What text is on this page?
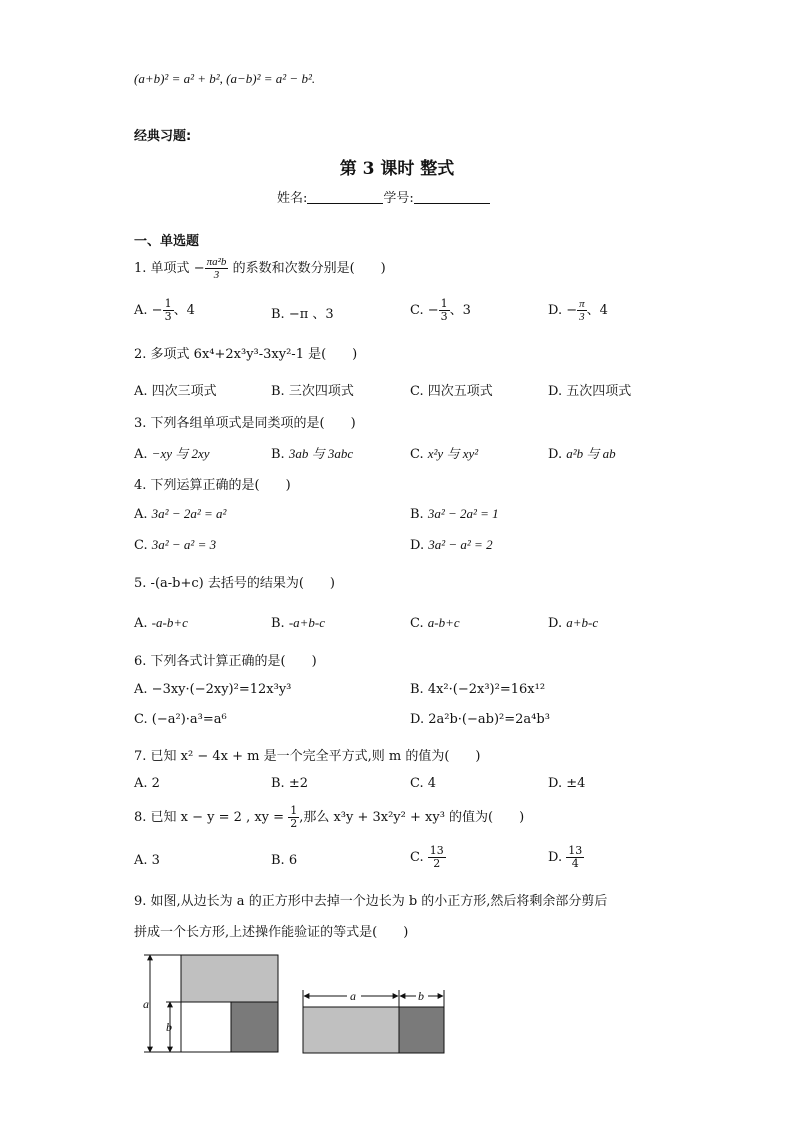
(a+b)² = a² + b², (a−b)² = a² − b².
经典习题:
第 3 课时 整式
姓名:	学号:
一、单选题
1. 单项式 − $\frac{\text{πa²b}}{3}$ 的系数和次数分别是(　　)
A. − $\frac{1}{3}$ 、4	B. −π 、3	C. − $\frac{1}{3}$ 、3	D. − $\frac{\pi}{3}$ 、4
2. 多项式 6x⁴+2x³y³-3xy²-1 是(　　)
A. 四次三项式	B. 三次四项式	C. 四次五项式	D. 五次四项式
3. 下列各组单项式是同类项的是(　　)
A. −xy 与 2xy	B. 3ab 与 3abc	C. x²y 与 xy²	D. a²b 与 ab
4. 下列运算正确的是(　　)
A. 3a² − 2a² = a²	B. 3a² − 2a² = 1
C. 3a² − a² = 3	D. 3a² − a² = 2
5. -(a-b+c) 去括号的结果为(　　)
A. -a-b+c	B. -a+b-c	C. a-b+c	D. a+b-c
6. 下列各式计算正确的是(　　)
A. −3xy·(−2xy)²=12x³y³	B. 4x²·(−2x³)²=16x¹²
C. (−a²)·a³=a⁶	D. 2a²b·(−ab)²=2a⁴b³
7. 已知 x² − 4x + m 是一个完全平方式,则 m 的值为(　　)
A. 2	B. ±2	C. 4	D. ±4
8. 已知 x − y = 2 , xy = $\frac{1}{2}$ ,那么 x³y + 3x²y² + xy³ 的值为(　　)
A. 3	B. 6	C. $\frac{13}{2}$	D. $\frac{13}{4}$
9. 如图,从边长为 a 的正方形中去掉一个边长为 b 的小正方形,然后将剩余部分剪后
拼成一个长方形,上述操作能验证的等式是(　　)
a
b
a	b
